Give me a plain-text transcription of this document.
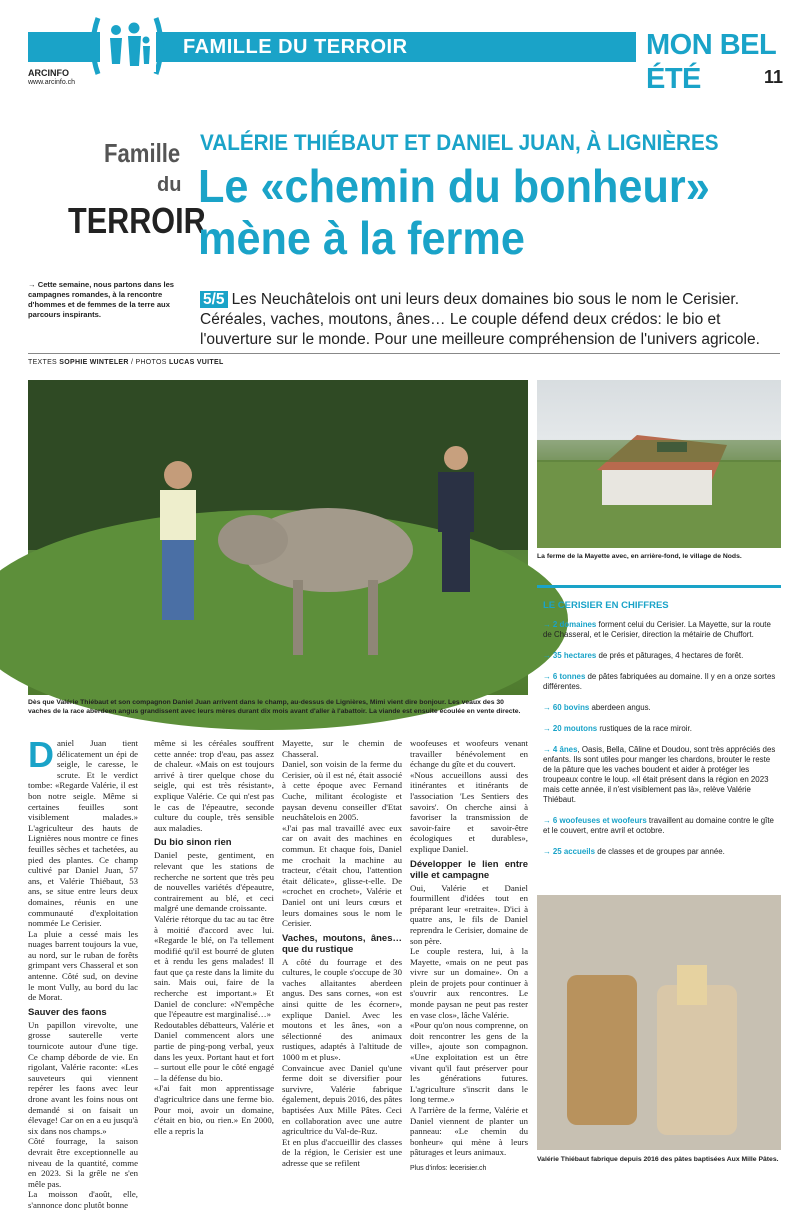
FAMILLE DU TERROIR	MON BEL ÉTÉ
ARCINFO
www.arcinfo.ch	11
Famille
du
TERROIR
VALÉRIE THIÉBAUT ET DANIEL JUAN, À LIGNIÈRES
Le «chemin du bonheur» mène à la ferme
→ Cette semaine, nous partons dans les campagnes romandes, à la rencontre d'hommes et de femmes de la terre aux parcours inspirants.
5/5 Les Neuchâtelois ont uni leurs deux domaines bio sous le nom le Cerisier. Céréales, vaches, moutons, ânes… Le couple défend deux crédos: le bio et l'ouverture sur le monde. Pour une meilleure compréhension de l'univers agricole.
TEXTES SOPHIE WINTELER / PHOTOS LUCAS VUITEL
Dès que Valérie Thiébaut et son compagnon Daniel Juan arrivent dans le champ, au-dessus de Lignières, Mimi vient dire bonjour. Les veaux des 30 vaches de la race aberdeen angus grandissent avec leurs mères durant dix mois avant d'aller à l'abattoir. La viande est ensuite écoulée en vente directe.
La ferme de la Mayette avec, en arrière-fond, le village de Nods.
Valérie Thiébaut fabrique depuis 2016 des pâtes baptisées Aux Mille Pâtes.
D aniel Juan tient délicatement un épi de seigle, le caresse, le scrute. Et le verdict tombe: «Regarde Valérie, il est bon notre seigle. Même si certaines feuilles sont visiblement malades.» L'agriculteur des hauts de Lignières nous montre ce fines feuilles sèches et tachetées, au pied des plantes. Ce champ cultivé par Daniel Juan, 57 ans, et Valérie Thiébaut, 53 ans, se situe entre leurs deux domaines, réunis en une communauté d'exploitation nommée Le Cerisier.

La pluie a cessé mais les nuages barrent toujours la vue, au nord, sur le ruban de forêts grimpant vers Chasseral et son antenne. Côté sud, on devine le mont Vully, au bord du lac de Morat.

Sauver des faons

Un papillon virevolte, une grosse sauterelle verte tournicote autour d'une tige. Ce champ déborde de vie. En rigolant, Valérie raconte: «Les sauveteurs qui viennent repérer les faons avec leur drone avant les foins nous ont demandé si on faisait un élevage! Car on en a eu jusqu'à six dans nos champs.»

Côté fourrage, la saison devrait être exceptionnelle au niveau de la quantité, comme en 2023. Si la grêle ne s'en mêle pas.

La moisson d'août, elle, s'annonce donc plutôt bonne

même si les céréales souffrent cette année: trop d'eau, pas assez de chaleur. «Mais on est toujours arrivé à tirer quelque chose du seigle, qui est très résistant», explique Valérie. Ce qui n'est pas le cas de l'épeautre, seconde culture du couple, très sensible aux maladies.

Du bio sinon rien

Daniel peste, gentiment, en relevant que les stations de recherche ne sortent que très peu de nouvelles variétés d'épeautre, contrairement au blé, et ceci malgré une demande croissante.

Valérie rétorque du tac au tac être à moitié d'accord avec lui. «Regarde le blé, on l'a tellement modifié qu'il est bourré de gluten et à rendu les gens malades! Il faut que ça reste dans la limite du sain. Mais oui, faire de la recherche est important.» Et Daniel de conclure: «N'empêche que l'épeautre est marginalisé…»

Redoutables débatteurs, Valérie et Daniel commencent alors une partie de ping-pong verbal, yeux dans les yeux. Portant haut et fort – surtout elle pour le côté engagé – la défense du bio.

«J'ai fait mon apprentissage d'agricultrice dans une ferme bio. Pour moi, avoir un domaine, c'était en bio, ou rien.» En 2000, elle a repris la

Mayette, sur le chemin de Chasseral.

Daniel, son voisin de la ferme du Cerisier, où il est né, était associé à cette époque avec Fernand Cuche, militant écologiste et paysan devenu conseiller d'Etat neuchâtelois en 2005.

«J'ai pas mal travaillé avec eux car on avait des machines en commun. Et chaque fois, Daniel me crochait la machine au tracteur, c'était chou, l'attention était délicate», glisse-t-elle. De «crochet en crochet», Valérie et Daniel ont uni leurs cœurs et leurs domaines sous le nom le Cerisier.

Vaches, moutons, ânes… que du rustique

A côté du fourrage et des cultures, le couple s'occupe de 30 vaches allaitantes aberdeen angus. Des sans cornes, «on est ainsi quitte de les écorner», explique Daniel. Avec les moutons et les ânes, «on a sélectionné des animaux rustiques, adaptés à l'altitude de 1000 m et plus».

Convaincue avec Daniel qu'une ferme doit se diversifier pour survivre, Valérie fabrique également, depuis 2016, des pâtes baptisées Aux Mille Pâtes. Ceci en collaboration avec une autre agricultrice du Val-de-Ruz.

Et en plus d'accueillir des classes de la région, le Cerisier est une adresse que se refilent

woofeuses et woofeurs venant travailler bénévolement en échange du gîte et du couvert.

«Nous accueillons aussi des itinérantes et itinérants de l'association 'Les Sentiers des savoirs'. On cherche ainsi à favoriser la transmission de savoir-faire et savoir-être écologiques et durables», explique Daniel.

Développer le lien entre ville et campagne

Oui, Valérie et Daniel fourmillent d'idées tout en préparant leur «retraite». D'ici à quatre ans, le fils de Daniel reprendra le Cerisier, domaine de son père.

Le couple restera, lui, à la Mayette, «mais on ne peut pas vivre sur un domaine». On a plein de projets pour continuer à s'ouvrir aux rencontres. Le monde paysan ne peut pas rester en vase clos», lâche Valérie.

«Pour qu'on nous comprenne, on doit rencontrer les gens de la ville», ajoute son compagnon. «Une exploitation est un être vivant qu'il faut préserver pour les générations futures. L'agriculture s'inscrit dans le long terme.»

A l'arrière de la ferme, Valérie et Daniel viennent de planter un panneau: «Le chemin du bonheur» qui mène à leurs pâturages et leurs animaux.

Plus d'infos: lecerisier.ch

LE CERISIER EN CHIFFRES
→ 2 domaines forment celui du Cerisier. La Mayette, sur la route de Chasseral, et le Cerisier, direction la métairie de Chuffort.
→ 35 hectares de prés et pâturages, 4 hectares de forêt.
→ 6 tonnes de pâtes fabriquées au domaine. Il y en a onze sortes différentes.
→ 60 bovins aberdeen angus.
→ 20 moutons rustiques de la race miroir.
→ 4 ânes, Oasis, Bella, Câline et Doudou, sont très appréciés des enfants. Ils sont utiles pour manger les chardons, brouter le reste de la pâture que les vaches boudent et aider à protéger les troupeaux contre le loup. «Il était présent dans la région en 2023 mais cette année, il n'est visiblement pas là», relève Valérie Thiébaut.
→ 6 woofeuses et woofeurs travaillent au domaine contre le gîte et le couvert, entre avril et octobre.
→ 25 accueils de classes et de groupes par année.
